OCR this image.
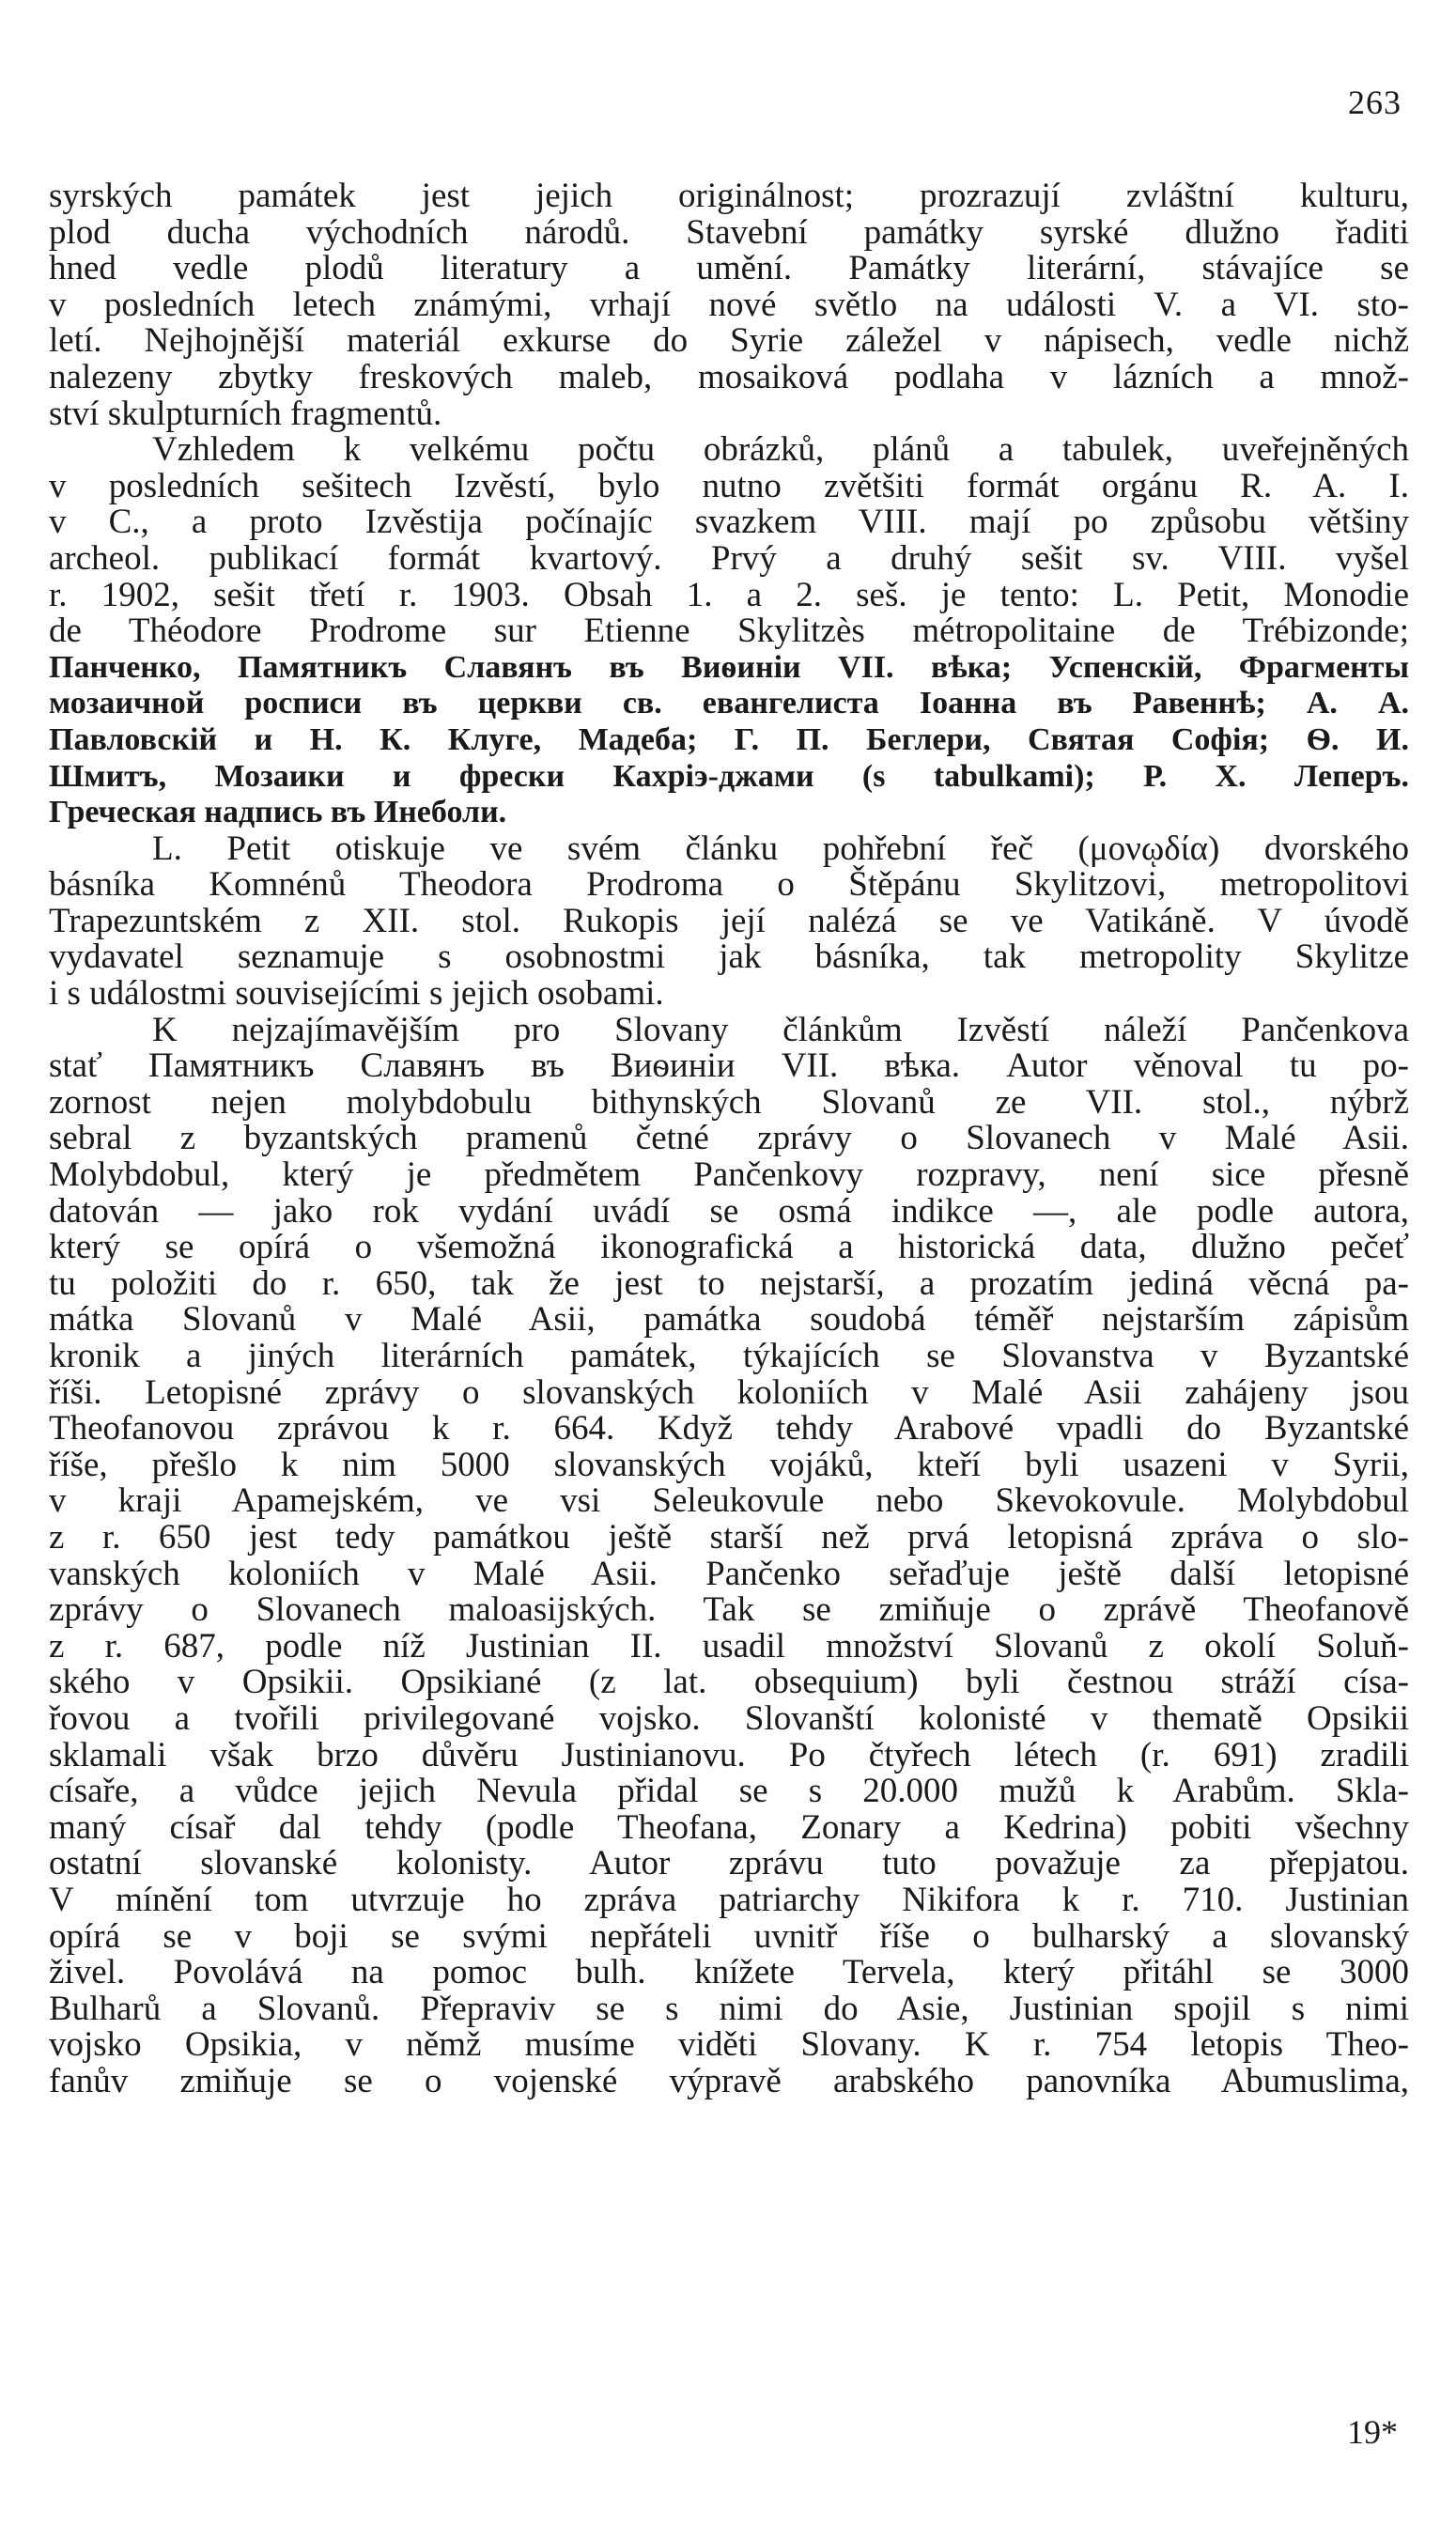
263
syrských památek jest jejich originálnost; prozrazují zvláštní kulturu,
plod ducha východních národů. Stavební památky syrské dlužno řaditi
hned vedle plodů literatury a umění. Památky literární, stávajíce se
v posledních letech známými, vrhají nové světlo na události V. a VI. sto-
letí. Nejhojnější materiál exkurse do Syrie záležel v nápisech, vedle nichž
nalezeny zbytky freskových maleb, mosaiková podlaha v lázních a množ-
ství skulpturních fragmentů.
Vzhledem k velkému počtu obrázků, plánů a tabulek, uveřejněných
v posledních sešitech Izvěstí, bylo nutno zvětšiti formát orgánu R. A. I.
v C., a proto Izvěstija počínajíc svazkem VIII. mají po způsobu většiny
archeol. publikací formát kvartový. Prvý a druhý sešit sv. VIII. vyšel
r. 1902, sešit třetí r. 1903. Obsah 1. a 2. seš. je tento: L. Petit, Monodie
de Théodore Prodrome sur Etienne Skylitzès métropolitaine de Trébizonde;
Панченко, Памятникъ Славянъ въ Виѳиніи VII. вѣка; Успенскій, Фрагменты
мозаичной росписи въ церкви св. евангелиста Іоанна въ Равеннѣ; А. А.
Павловскій и Н. К. Клуге, Мадеба; Г. П. Беглери, Святая Софія; Ѳ. И.
Шмитъ, Мозаики и фрески Кахріэ-джами (s tabulkami); Р. Х. Леперъ.
Греческая надпись въ Инеболи.
L. Petit otiskuje ve svém článku pohřební řeč (μονῳδία) dvorského
básníka Komnénů Theodora Prodroma o Štěpánu Skylitzovi, metropolitovi
Trapezuntském z XII. stol. Rukopis její nalézá se ve Vatikáně. V úvodě
vydavatel seznamuje s osobnostmi jak básníka, tak metropolity Skylitze
i s událostmi souvisejícími s jejich osobami.
K nejzajímavějším pro Slovany článkům Izvěstí náleží Pančenkova
stať Памятникъ Славянъ въ Виѳиніи VII. вѣка. Autor věnoval tu po-
zornost nejen molybdobulu bithynských Slovanů ze VII. stol., nýbrž
sebral z byzantských pramenů četné zprávy o Slovanech v Malé Asii.
Molybdobul, který je předmětem Pančenkovy rozpravy, není sice přesně
datován — jako rok vydání uvádí se osmá indikce —, ale podle autora,
který se opírá o všemožná ikonografická a historická data, dlužno pečeť
tu položiti do r. 650, tak že jest to nejstarší, a prozatím jediná věcná pa-
mátka Slovanů v Malé Asii, památka soudobá téměř nejstarším zápisům
kronik a jiných literárních památek, týkajících se Slovanstva v Byzantské
říši. Letopisné zprávy o slovanských koloniích v Malé Asii zahájeny jsou
Theofanovou zprávou k r. 664. Když tehdy Arabové vpadli do Byzantské
říše, přešlo k nim 5000 slovanských vojáků, kteří byli usazeni v Syrii,
v kraji Apamejském, ve vsi Seleukovule nebo Skevokovule. Molybdobul
z r. 650 jest tedy památkou ještě starší než prvá letopisná zpráva o slo-
vanských koloniích v Malé Asii. Pančenko seřaďuje ještě další letopisné
zprávy o Slovanech maloasijských. Tak se zmiňuje o zprávě Theofanově
z r. 687, podle níž Justinian II. usadil množství Slovanů z okolí Soluň-
ského v Opsikii. Opsikiané (z lat. obsequium) byli čestnou stráží císa-
řovou a tvořili privilegované vojsko. Slovanští kolonisté v thematě Opsikii
sklamali však brzo důvěru Justinianovu. Po čtyřech létech (r. 691) zradili
císaře, a vůdce jejich Nevula přidal se s 20.000 mužů k Arabům. Skla-
maný císař dal tehdy (podle Theofana, Zonary a Kedrina) pobiti všechny
ostatní slovanské kolonisty. Autor zprávu tuto považuje za přepjatou.
V mínění tom utvrzuje ho zpráva patriarchy Nikifora k r. 710. Justinian
opírá se v boji se svými nepřáteli uvnitř říše o bulharský a slovanský
živel. Povolává na pomoc bulh. knížete Tervela, který přitáhl se 3000
Bulharů a Slovanů. Přepraviv se s nimi do Asie, Justinian spojil s nimi
vojsko Opsikia, v němž musíme viděti Slovany. K r. 754 letopis Theo-
fanův zmiňuje se o vojenské výpravě arabského panovníka Abumuslima,
19*
